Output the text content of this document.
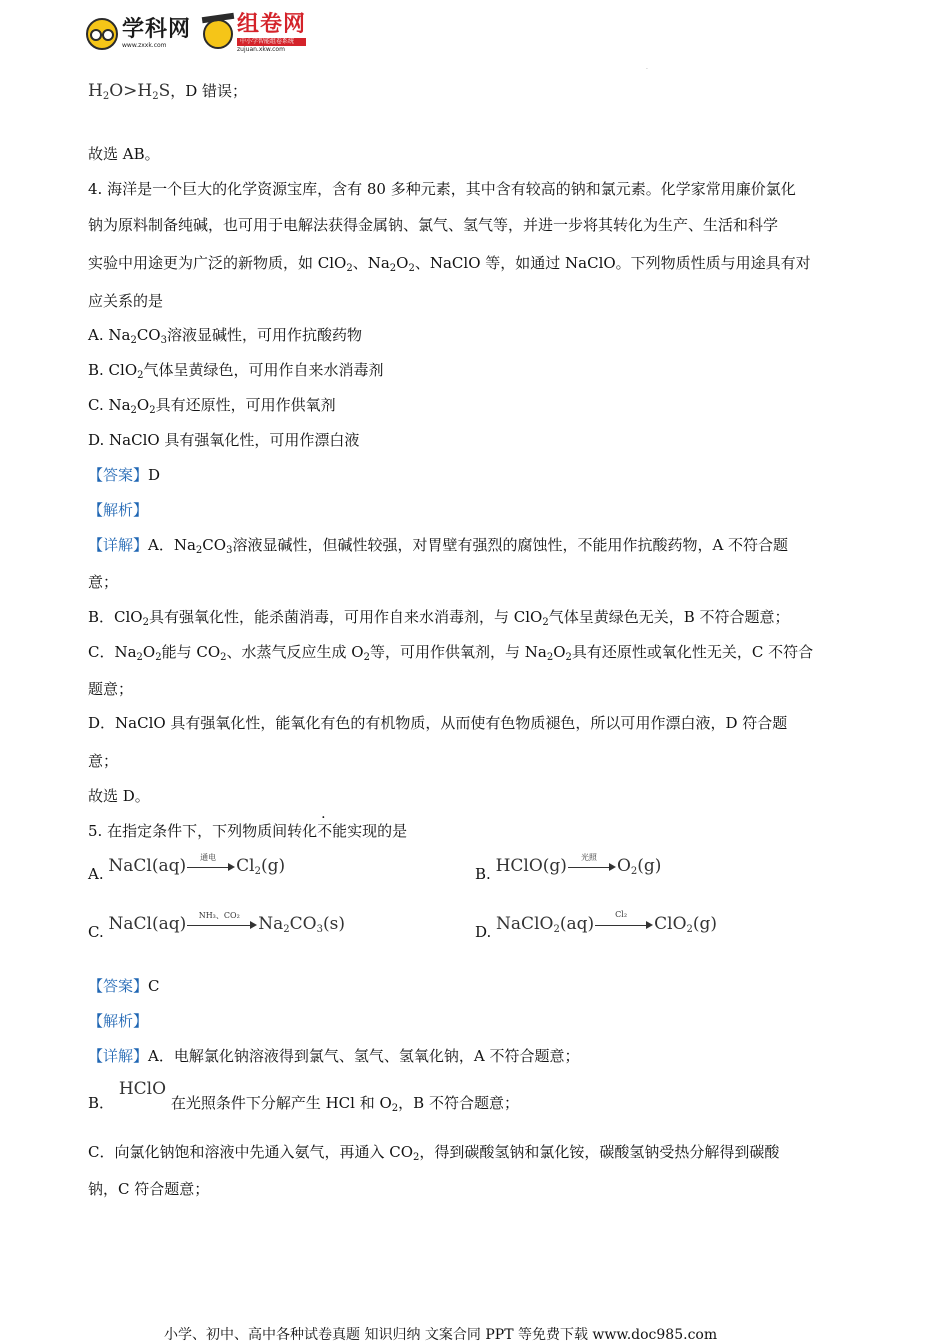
学科网
www.zxxk.com
组卷网
中小学智能组卷系统
zujuan.xkw.com
.
$H_2O>H_2S$，D 错误；
故选 AB。
4. 海洋是一个巨大的化学资源宝库，含有 80 多种元素，其中含有较高的钠和氯元素。化学家常用廉价氯化
钠为原料制备纯碱，也可用于电解法获得金属钠、氯气、氢气等，并进一步将其转化为生产、生活和科学
实验中用途更为广泛的新物质，如 ClO$_2$、$Na_2O_2$、NaClO 等，如通过 NaClO。下列物质性质与用途具有对
应关系的是
A. $Na_2CO_3$溶液显碱性，可用作抗酸药物
B. ClO$_2$气体呈黄绿色，可用作自来水消毒剂
C. $Na_2O_2$具有还原性，可用作供氧剂
D. NaClO 具有强氧化性，可用作漂白液
【答案】D
【解析】
【详解】A．$Na_2CO_3$溶液显碱性，但碱性较强，对胃壁有强烈的腐蚀性，不能用作抗酸药物，A 不符合题
意；
B．ClO$_2$具有强氧化性，能杀菌消毒，可用作自来水消毒剂，与 ClO$_2$气体呈黄绿色无关，B 不符合题意；
C．$Na_2O_2$能与 $CO_2$、水蒸气反应生成 $O_2$等，可用作供氧剂，与 $Na_2O_2$具有还原性或氧化性无关，C 不符合
题意；
D．NaClO 具有强氧化性，能氧化有色的有机物质，从而使有色物质褪色，所以可用作漂白液，D 符合题
意；
故选 D。
5. 在指定条件下，下列物质间转化不能实现的是
A. NaCl(aq)	通电	$Cl_2(g)$	B. HClO(g)	光照	$O_2(g)$
C. NaCl(aq)	NH₃、CO₂	$Na_2CO_3(s)$	D. NaClO$_2$(aq)	Cl₂	ClO$_2$(g)
【答案】C
【解析】
【详解】A．电解氯化钠溶液得到氯气、氢气、氢氧化钠，A 不符合题意；
B． HClO 在光照条件下分解产生 HCl 和 $O_2$，B 不符合题意；
C．向氯化钠饱和溶液中先通入氨气，再通入 $CO_2$，得到碳酸氢钠和氯化铵，碳酸氢钠受热分解得到碳酸
钠，C 符合题意；
小学、初中、高中各种试卷真题 知识归纳 文案合同 PPT 等免费下载 www.doc985.com
